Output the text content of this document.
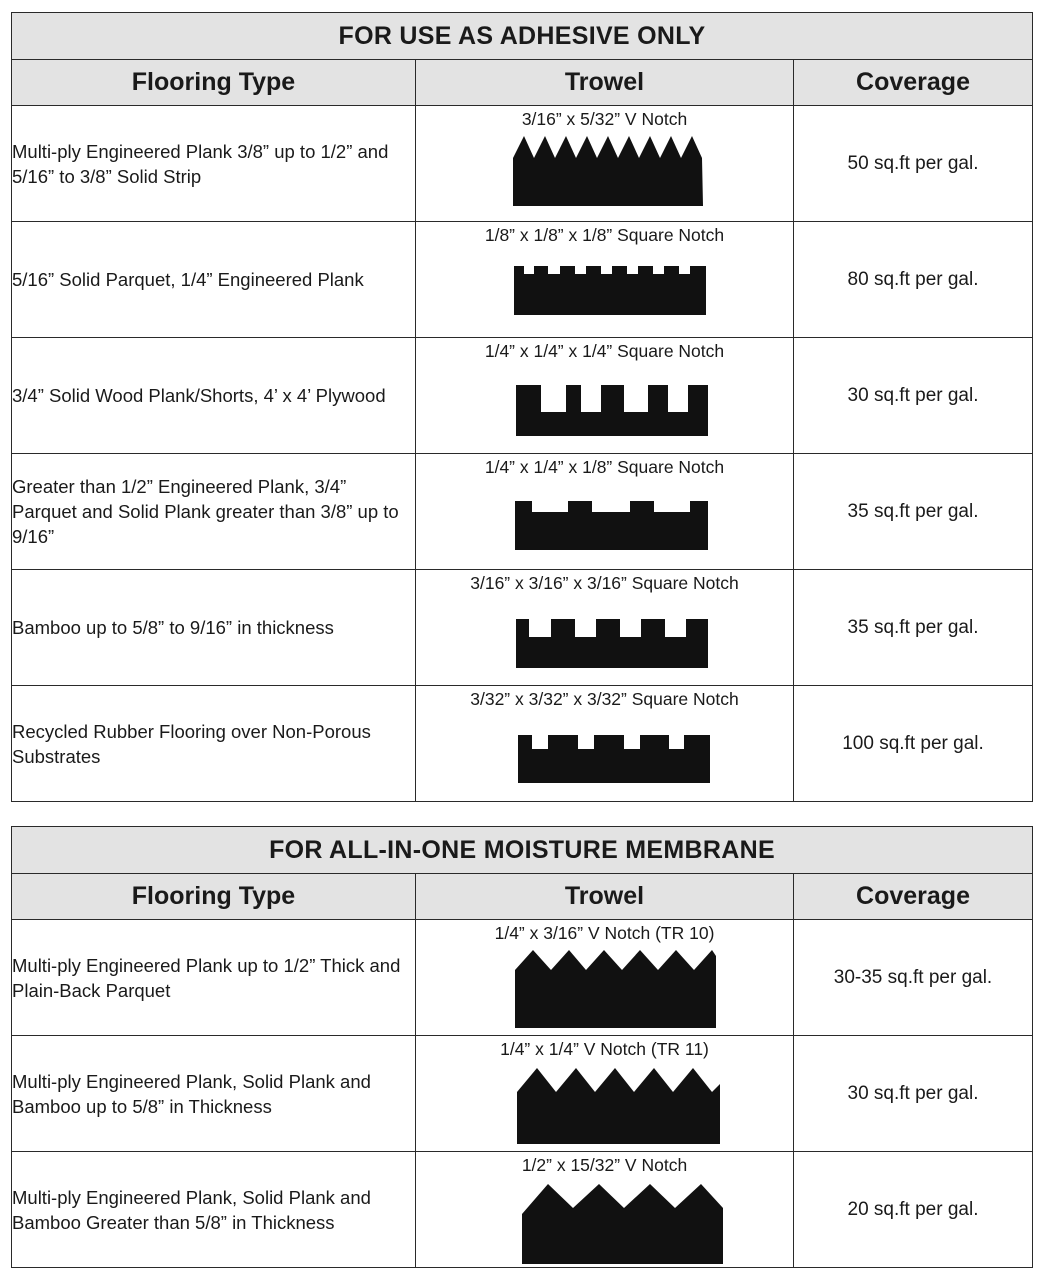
FOR USE AS ADHESIVE ONLY		
Flooring Type	Trowel	Coverage
Multi-ply Engineered Plank 3/8” up to 1/2” and 5/16” to 3/8” Solid Strip	3/16” x 5/32” V Notch	50 sq.ft per gal.
5/16” Solid Parquet, 1/4” Engineered Plank	1/8” x 1/8” x 1/8” Square Notch	80 sq.ft per gal.
3/4” Solid Wood Plank/Shorts, 4’ x 4’ Plywood	1/4” x 1/4” x 1/4” Square Notch	30 sq.ft per gal.
Greater than 1/2” Engineered Plank, 3/4” Parquet and Solid Plank greater than 3/8” up to 9/16”	1/4” x 1/4” x 1/8” Square Notch	35 sq.ft per gal.
Bamboo up to 5/8” to 9/16” in thickness	3/16” x 3/16” x 3/16” Square Notch	35 sq.ft per gal.
Recycled Rubber Flooring over Non-Porous Substrates	3/32” x 3/32” x 3/32” Square Notch	100 sq.ft per gal.
FOR ALL-IN-ONE MOISTURE MEMBRANE		
Flooring Type	Trowel	Coverage
Multi-ply Engineered Plank up to 1/2” Thick and Plain-Back Parquet	1/4” x 3/16” V Notch (TR 10)	30-35 sq.ft per gal.
Multi-ply Engineered Plank, Solid Plank and Bamboo up to 5/8” in Thickness	1/4” x 1/4” V Notch (TR 11)	30 sq.ft per gal.
Multi-ply Engineered Plank, Solid Plank and Bamboo Greater than 5/8” in Thickness	1/2” x 15/32” V Notch	20 sq.ft per gal.
